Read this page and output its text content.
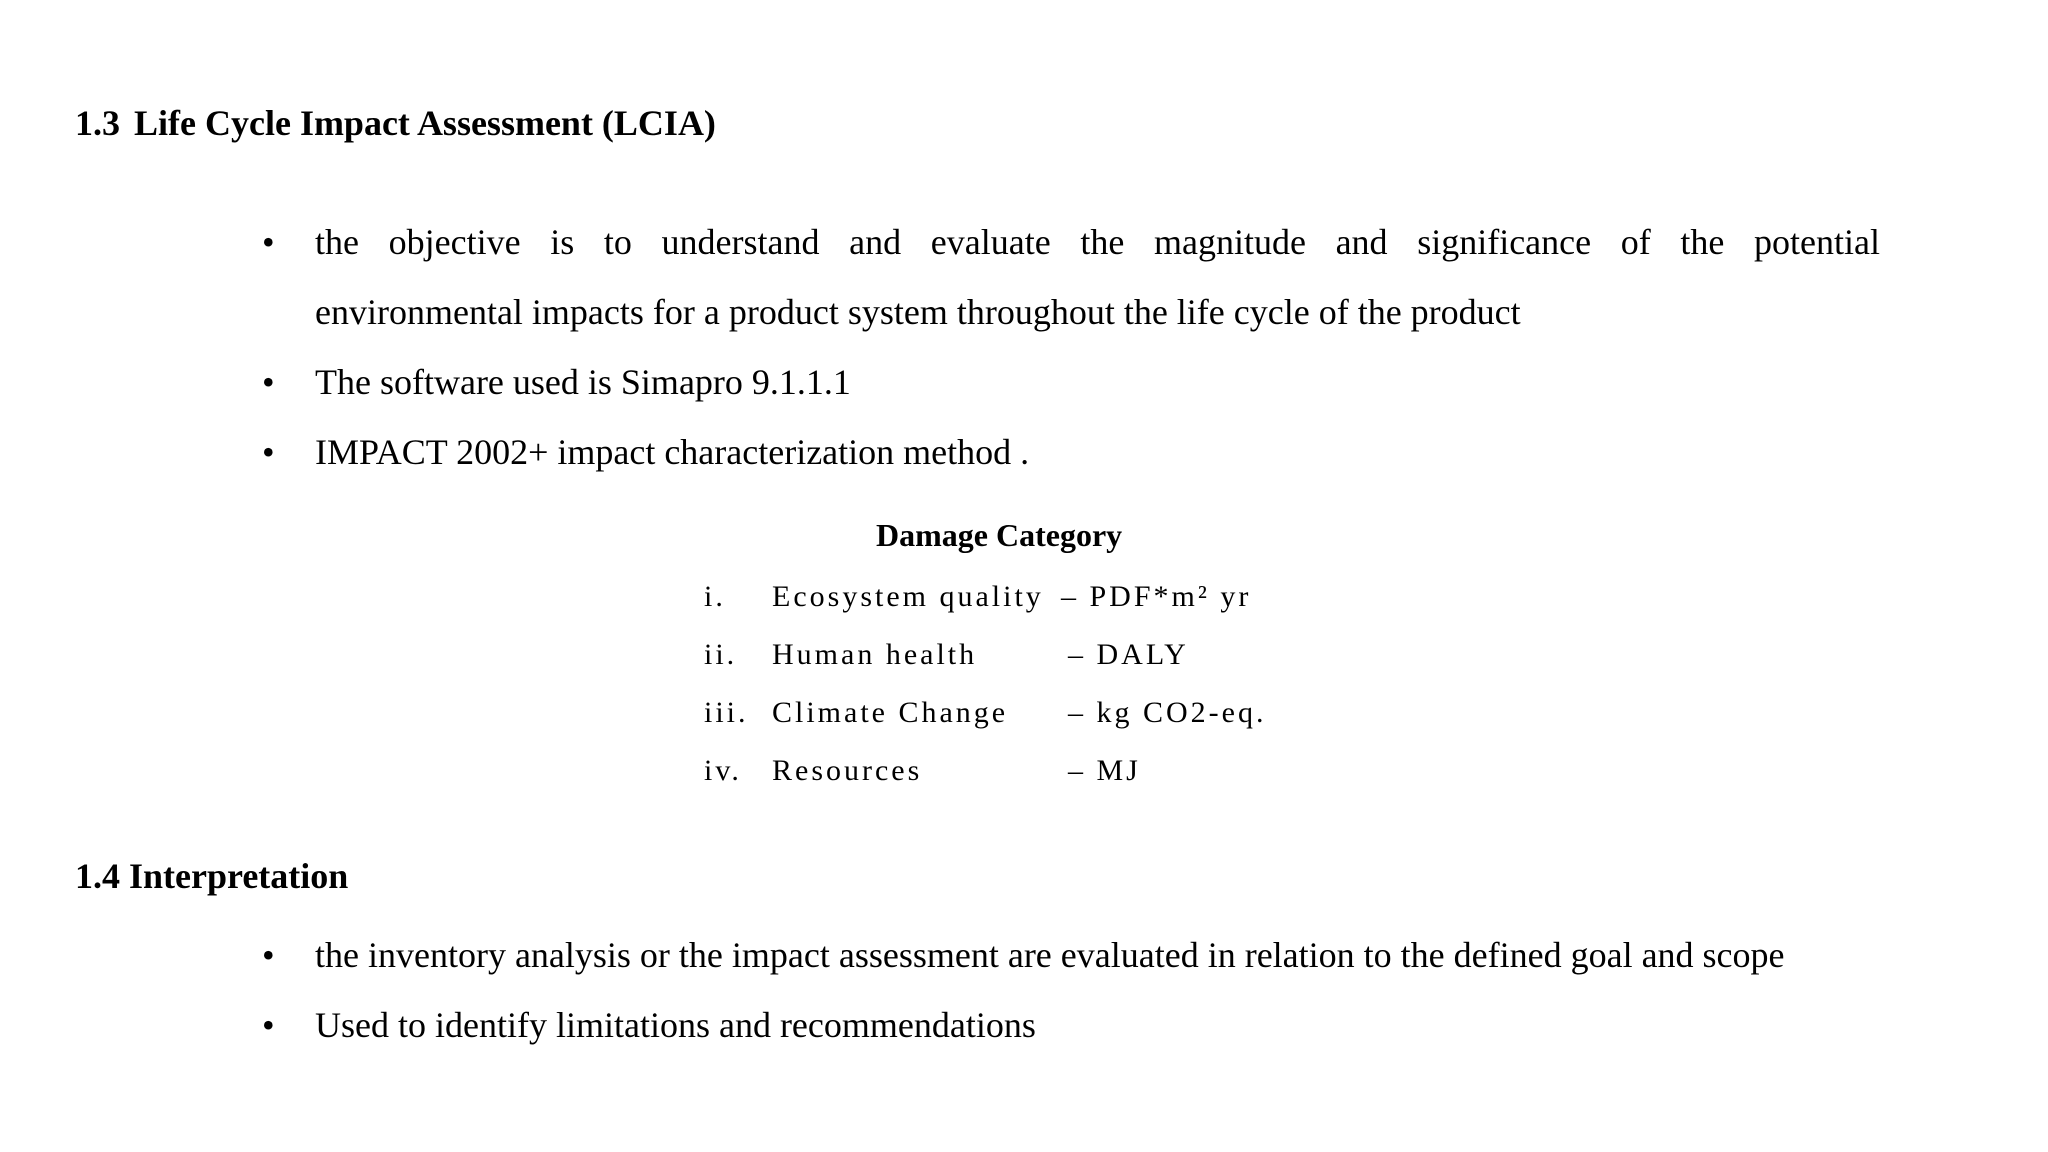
1.3 Life Cycle Impact Assessment (LCIA)
• the objective is to understand and evaluate the magnitude and significance of the potential
environmental impacts for a product system throughout the life cycle of the product
• The software used is Simapro 9.1.1.1
• IMPACT 2002+ impact characterization method .
Damage Category
i. Ecosystem quality – PDF*m² yr
ii. Human health	– DALY
iii. Climate Change – kg CO2-eq.
iv. Resources	– MJ
1.4 Interpretation
• the inventory analysis or the impact assessment are evaluated in relation to the defined goal and scope
• Used to identify limitations and recommendations
